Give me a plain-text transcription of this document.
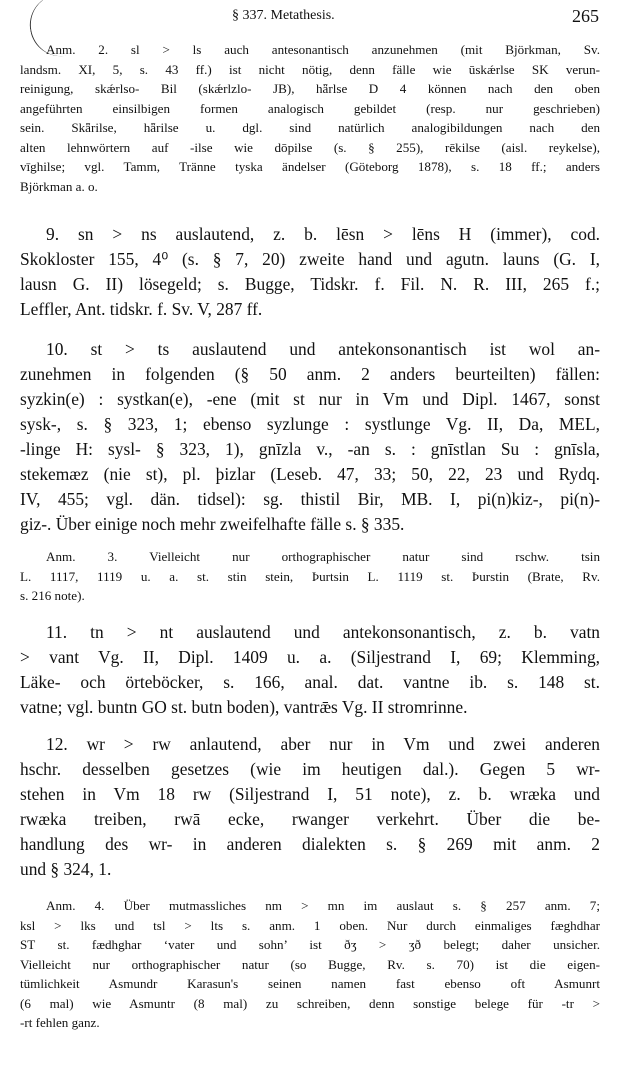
§ 337. Metathesis.	265
Anm. 2. sl > ls auch antesonantisch anzunehmen (mit Björkman, Sv.
landsm. XI, 5, s. 43 ff.) ist nicht nötig, denn fälle wie ūskǽrlse SK verun-
reinigung, skǽrlso- Bil (skǽrlzlo- JB), hǟrlse D 4 können nach den oben
angeführten einsilbigen formen analogisch gebildet (resp. nur geschrieben)
sein. Skǟrilse, hǟrilse u. dgl. sind natürlich analogibildungen nach den
alten lehnwörtern auf -ilse wie dōpilse (s. § 255), rēkilse (aisl. reykelse),
vīghilse; vgl. Tamm, Tränne tyska ändelser (Göteborg 1878), s. 18 ff.; anders
Björkman a. o.
9. sn > ns auslautend, z. b. lēsn > lēns H (immer), cod.
Skokloster 155, 4⁰ (s. § 7, 20) zweite hand und agutn. launs (G. I,
lausn G. II) lösegeld; s. Bugge, Tidskr. f. Fil. N. R. III, 265 f.;
Leffler, Ant. tidskr. f. Sv. V, 287 ff.
10. st > ts auslautend und antekonsonantisch ist wol an-
zunehmen in folgenden (§ 50 anm. 2 anders beurteilten) fällen:
syzkin(e) : systkan(e), -ene (mit st nur in Vm und Dipl. 1467, sonst
sysk-, s. § 323, 1; ebenso syzlunge : systlunge Vg. II, Da, MEL,
-linge H: sysl- § 323, 1), gnīzla v., -an s. : gnīstlan Su : gnīsla,
stekemæz (nie st), pl. þizlar (Leseb. 47, 33; 50, 22, 23 und Rydq.
IV, 455; vgl. dän. tidsel): sg. thistil Bir, MB. I, pi(n)kiz-, pi(n)-
giz-. Über einige noch mehr zweifelhafte fälle s. § 335.
Anm. 3. Vielleicht nur orthographischer natur sind rschw. tsin
L. 1117, 1119 u. a. st. stin stein, Þurtsin L. 1119 st. Þurstin (Brate, Rv.
s. 216 note).
11. tn > nt auslautend und antekonsonantisch, z. b. vatn
> vant Vg. II, Dipl. 1409 u. a. (Siljestrand I, 69; Klemming,
Läke- och örteböcker, s. 166, anal. dat. vantne ib. s. 148 st.
vatne; vgl. buntn GO st. butn boden), vantrǣs Vg. II stromrinne.
12. wr > rw anlautend, aber nur in Vm und zwei anderen
hschr. desselben gesetzes (wie im heutigen dal.). Gegen 5 wr-
stehen in Vm 18 rw (Siljestrand I, 51 note), z. b. wræka und
rwæka treiben, rwā ecke, rwanger verkehrt. Über die be-
handlung des wr- in anderen dialekten s. § 269 mit anm. 2
und § 324, 1.
Anm. 4. Über mutmassliches nm > mn im auslaut s. § 257 anm. 7;
ksl > lks und tsl > lts s. anm. 1 oben. Nur durch einmaliges fæghdhar
ST st. fædhghar ‘vater und sohn’ ist ðʒ > ʒð belegt; daher unsicher.
Vielleicht nur orthographischer natur (so Bugge, Rv. s. 70) ist die eigen-
tümlichkeit Asmundr Karasun's seinen namen fast ebenso oft Asmunrt
(6 mal) wie Asmuntr (8 mal) zu schreiben, denn sonstige belege für -tr >
-rt fehlen ganz.
